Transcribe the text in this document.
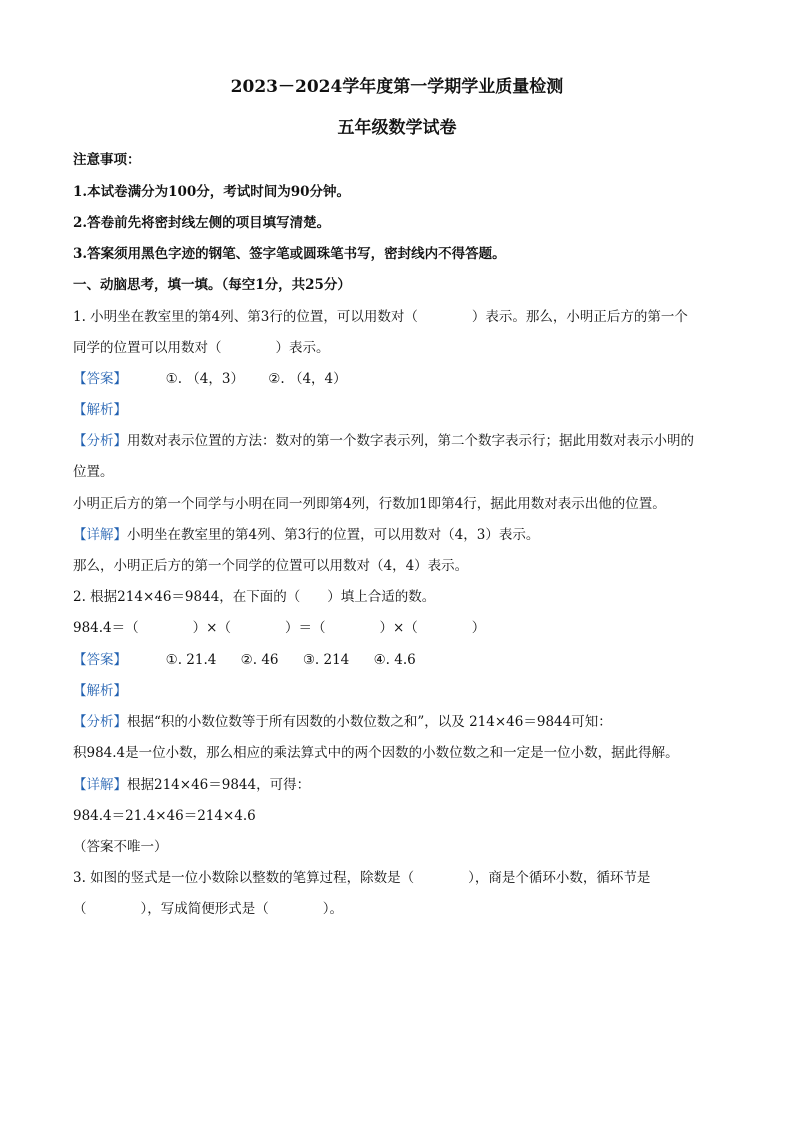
2023－2024学年度第一学期学业质量检测
五年级数学试卷
注意事项：
1.本试卷满分为100分，考试时间为90分钟。
2.答卷前先将密封线左侧的项目填写清楚。
3.答案须用黑色字迹的钢笔、签字笔或圆珠笔书写，密封线内不得答题。
一、动脑思考，填一填。（每空1分，共25分）
1. 小明坐在教室里的第4列、第3行的位置，可以用数对（　　　　）表示。那么，小明正后方的第一个
同学的位置可以用数对（　　　　）表示。
【答案】	①. （4，3） ②. （4，4）
【解析】
【分析】用数对表示位置的方法：数对的第一个数字表示列，第二个数字表示行；据此用数对表示小明的
位置。
小明正后方的第一个同学与小明在同一列即第4列，行数加1即第4行，据此用数对表示出他的位置。
【详解】小明坐在教室里的第4列、第3行的位置，可以用数对（4，3）表示。
那么，小明正后方的第一个同学的位置可以用数对（4，4）表示。
2. 根据214×46＝9844，在下面的（　　）填上合适的数。
984.4＝（　　　　）×（　　　　）＝（　　　　）×（　　　　）
【答案】	①. 21.4 ②. 46 ③. 214 ④. 4.6
【解析】
【分析】根据“积的小数位数等于所有因数的小数位数之和”，以及 214×46＝9844可知：
积984.4是一位小数，那么相应的乘法算式中的两个因数的小数位数之和一定是一位小数，据此得解。
【详解】根据214×46＝9844，可得：
984.4＝21.4×46＝214×4.6
（答案不唯一）
3. 如图的竖式是一位小数除以整数的笔算过程，除数是（　　　　），商是个循环小数，循环节是
（　　　　），写成简便形式是（　　　　）。
